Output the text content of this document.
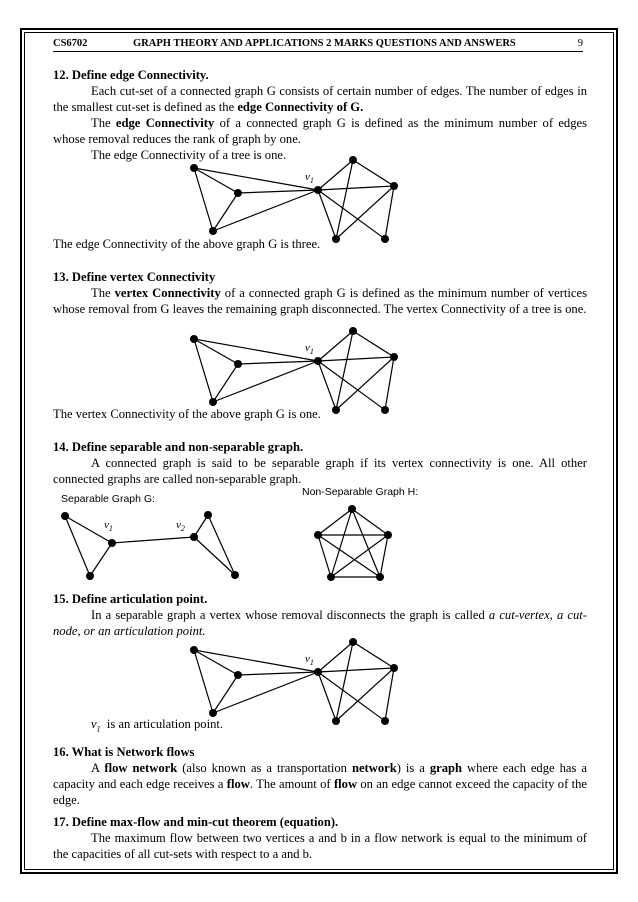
CS6702	GRAPH THEORY AND APPLICATIONS 2 MARKS QUESTIONS AND ANSWERS	9

12. Define edge Connectivity.

Each cut-set of a connected graph G consists of certain number of edges. The number of edges in the smallest cut-set is defined as the edge Connectivity of G.

The edge Connectivity of a connected graph G is defined as the minimum number of edges whose removal reduces the rank of graph by one.

The edge Connectivity of a tree is one.

$v_1$

The edge Connectivity of the above graph G is three.

13. Define vertex Connectivity

The vertex Connectivity of a connected graph G is defined as the minimum number of vertices whose removal from G leaves the remaining graph disconnected. The vertex Connectivity of a tree is one.

$v_1$

The vertex Connectivity of the above graph G is one.

14. Define separable and non-separable graph.

A connected graph is said to be separable graph if its vertex connectivity is one. All other connected graphs are called non-separable graph.

Separable Graph G:
Non-Separable Graph H:
$v_1$	$v_2$

15. Define articulation point.

In a separable graph a vertex whose removal disconnects the graph is called a cut-vertex, a cut-node, or an articulation point.

$v_1$

$v_1$ is an articulation point.

16. What is Network flows

A flow network (also known as a transportation network) is a graph where each edge has a capacity and each edge receives a flow. The amount of flow on an edge cannot exceed the capacity of the edge.

17. Define max-flow and min-cut theorem (equation).

The maximum flow between two vertices a and b in a flow network is equal to the minimum of the capacities of all cut-sets with respect to a and b.
